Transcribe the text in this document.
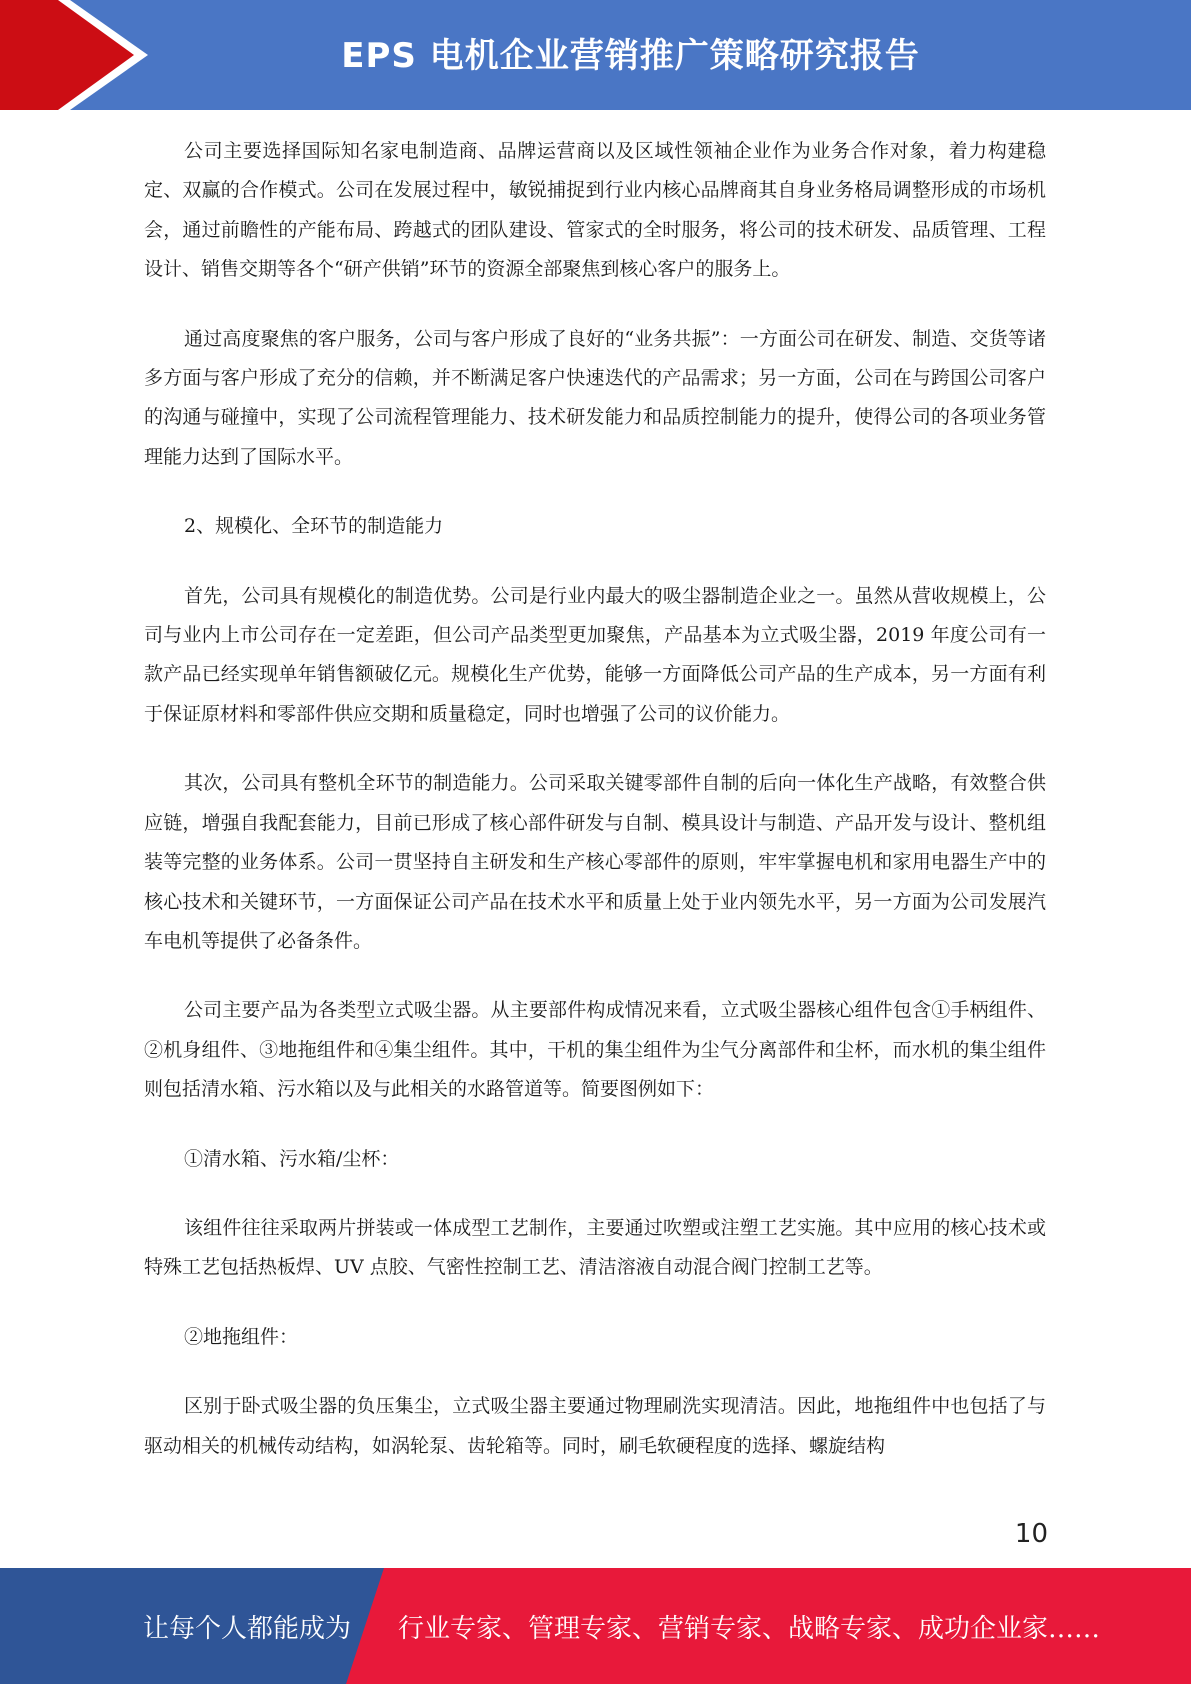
EPS 电机企业营销推广策略研究报告

公司主要选择国际知名家电制造商、品牌运营商以及区域性领袖企业作为业务合作对象，着力构建稳定、双赢的合作模式。公司在发展过程中，敏锐捕捉到行业内核心品牌商其自身业务格局调整形成的市场机会，通过前瞻性的产能布局、跨越式的团队建设、管家式的全时服务，将公司的技术研发、品质管理、工程设计、销售交期等各个“研产供销”环节的资源全部聚焦到核心客户的服务上。

通过高度聚焦的客户服务，公司与客户形成了良好的“业务共振”：一方面公司在研发、制造、交货等诸多方面与客户形成了充分的信赖，并不断满足客户快速迭代的产品需求；另一方面，公司在与跨国公司客户的沟通与碰撞中，实现了公司流程管理能力、技术研发能力和品质控制能力的提升，使得公司的各项业务管理能力达到了国际水平。

2、规模化、全环节的制造能力

首先，公司具有规模化的制造优势。公司是行业内最大的吸尘器制造企业之一。虽然从营收规模上，公司与业内上市公司存在一定差距，但公司产品类型更加聚焦，产品基本为立式吸尘器，2019 年度公司有一款产品已经实现单年销售额破亿元。规模化生产优势，能够一方面降低公司产品的生产成本，另一方面有利于保证原材料和零部件供应交期和质量稳定，同时也增强了公司的议价能力。

其次，公司具有整机全环节的制造能力。公司采取关键零部件自制的后向一体化生产战略，有效整合供应链，增强自我配套能力，目前已形成了核心部件研发与自制、模具设计与制造、产品开发与设计、整机组装等完整的业务体系。公司一贯坚持自主研发和生产核心零部件的原则，牢牢掌握电机和家用电器生产中的核心技术和关键环节，一方面保证公司产品在技术水平和质量上处于业内领先水平，另一方面为公司发展汽车电机等提供了必备条件。

公司主要产品为各类型立式吸尘器。从主要部件构成情况来看，立式吸尘器核心组件包含①手柄组件、②机身组件、③地拖组件和④集尘组件。其中，干机的集尘组件为尘气分离部件和尘杯，而水机的集尘组件则包括清水箱、污水箱以及与此相关的水路管道等。简要图例如下：

①清水箱、污水箱/尘杯：

该组件往往采取两片拼装或一体成型工艺制作，主要通过吹塑或注塑工艺实施。其中应用的核心技术或特殊工艺包括热板焊、UV 点胶、气密性控制工艺、清洁溶液自动混合阀门控制工艺等。

②地拖组件：

区别于卧式吸尘器的负压集尘，立式吸尘器主要通过物理刷洗实现清洁。因此，地拖组件中也包括了与驱动相关的机械传动结构，如涡轮泵、齿轮箱等。同时，刷毛软硬程度的选择、螺旋结构

10
让每个人都能成为 行业专家、管理专家、营销专家、战略专家、成功企业家……
